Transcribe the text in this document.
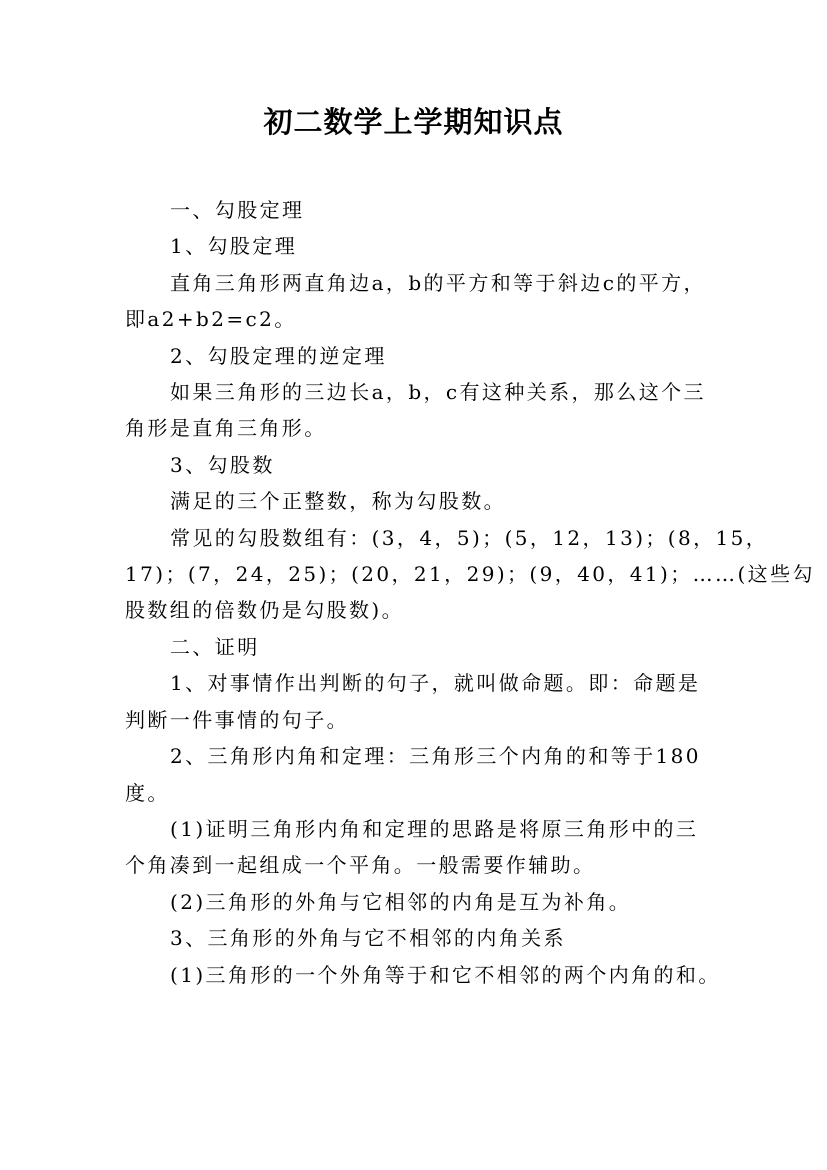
初二数学上学期知识点

一、勾股定理

1、勾股定理

直角三角形两直角边a，b的平方和等于斜边c的平方，

即a2+b2=c2。

2、勾股定理的逆定理

如果三角形的三边长a，b，c有这种关系，那么这个三

角形是直角三角形。

3、勾股数

满足的三个正整数，称为勾股数。

常见的勾股数组有：(3，4，5)；(5，12，13)；(8，15，

17)；(7，24，25)；(20，21，29)；(9，40，41)；……(这些勾
股数组的倍数仍是勾股数)。

二、证明

1、对事情作出判断的句子，就叫做命题。即：命题是

判断一件事情的句子。

2、三角形内角和定理：三角形三个内角的和等于180

度。

(1)证明三角形内角和定理的思路是将原三角形中的三

个角凑到一起组成一个平角。一般需要作辅助。

(2)三角形的外角与它相邻的内角是互为补角。

3、三角形的外角与它不相邻的内角关系

(1)三角形的一个外角等于和它不相邻的两个内角的和。
